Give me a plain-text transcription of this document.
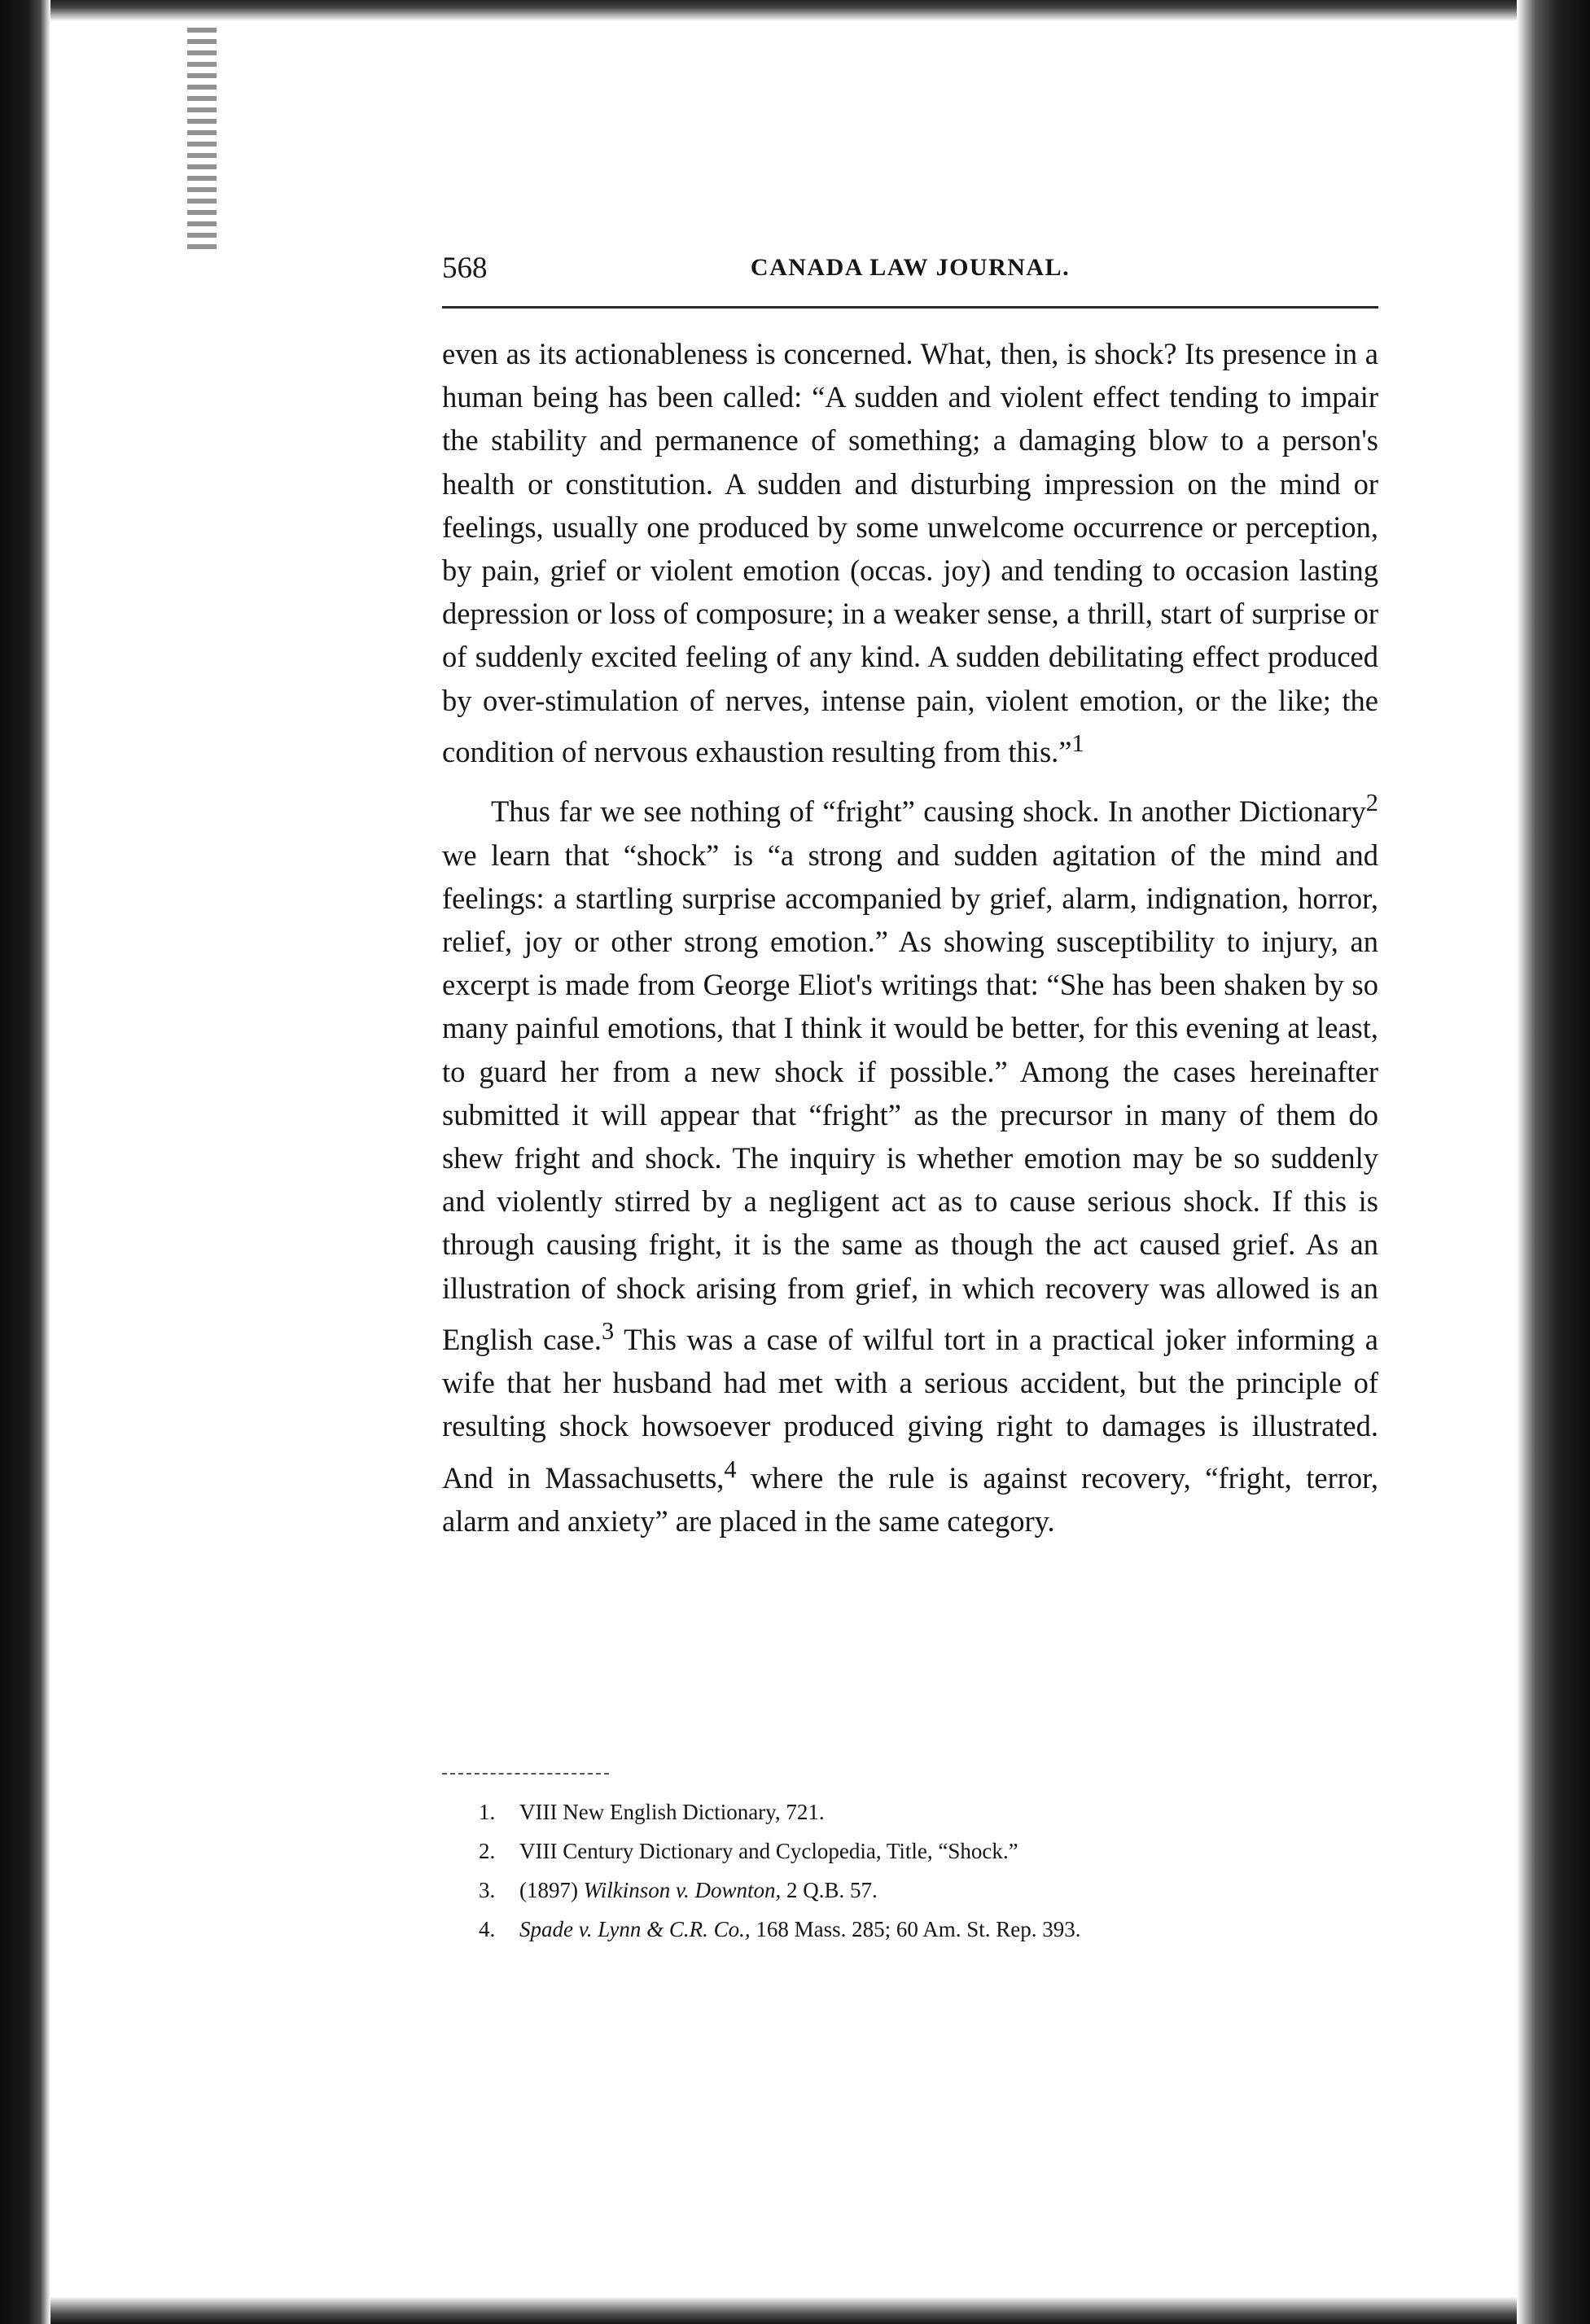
568	CANADA LAW JOURNAL.

even as its actionableness is concerned. What, then, is shock? Its presence in a human being has been called: “A sudden and violent effect tending to impair the stability and permanence of something; a damaging blow to a person's health or constitution. A sudden and disturbing impression on the mind or feelings, usually one produced by some unwelcome occurrence or perception, by pain, grief or violent emotion (occas. joy) and tending to occasion lasting depression or loss of composure; in a weaker sense, a thrill, start of surprise or of suddenly excited feeling of any kind. A sudden debilitating effect produced by over-stimulation of nerves, intense pain, violent emotion, or the like; the condition of nervous exhaustion resulting from this.”$^1$

Thus far we see nothing of “fright” causing shock. In another Dictionary$^2$ we learn that “shock” is “a strong and sudden agitation of the mind and feelings: a startling surprise accompanied by grief, alarm, indignation, horror, relief, joy or other strong emotion.” As showing susceptibility to injury, an excerpt is made from George Eliot's writings that: “She has been shaken by so many painful emotions, that I think it would be better, for this evening at least, to guard her from a new shock if possible.” Among the cases hereinafter submitted it will appear that “fright” as the precursor in many of them do shew fright and shock. The inquiry is whether emotion may be so suddenly and violently stirred by a negligent act as to cause serious shock. If this is through causing fright, it is the same as though the act caused grief. As an illustration of shock arising from grief, in which recovery was allowed is an English case.$^3$ This was a case of wilful tort in a practical joker informing a wife that her husband had met with a serious accident, but the principle of resulting shock howsoever produced giving right to damages is illustrated. And in Massachusetts,$^4$ where the rule is against recovery, “fright, terror, alarm and anxiety” are placed in the same category.

1. VIII New English Dictionary, 721.
2. VIII Century Dictionary and Cyclopedia, Title, “Shock.”
3. (1897) Wilkinson v. Downton, 2 Q.B. 57.
4. Spade v. Lynn & C.R. Co., 168 Mass. 285; 60 Am. St. Rep. 393.
